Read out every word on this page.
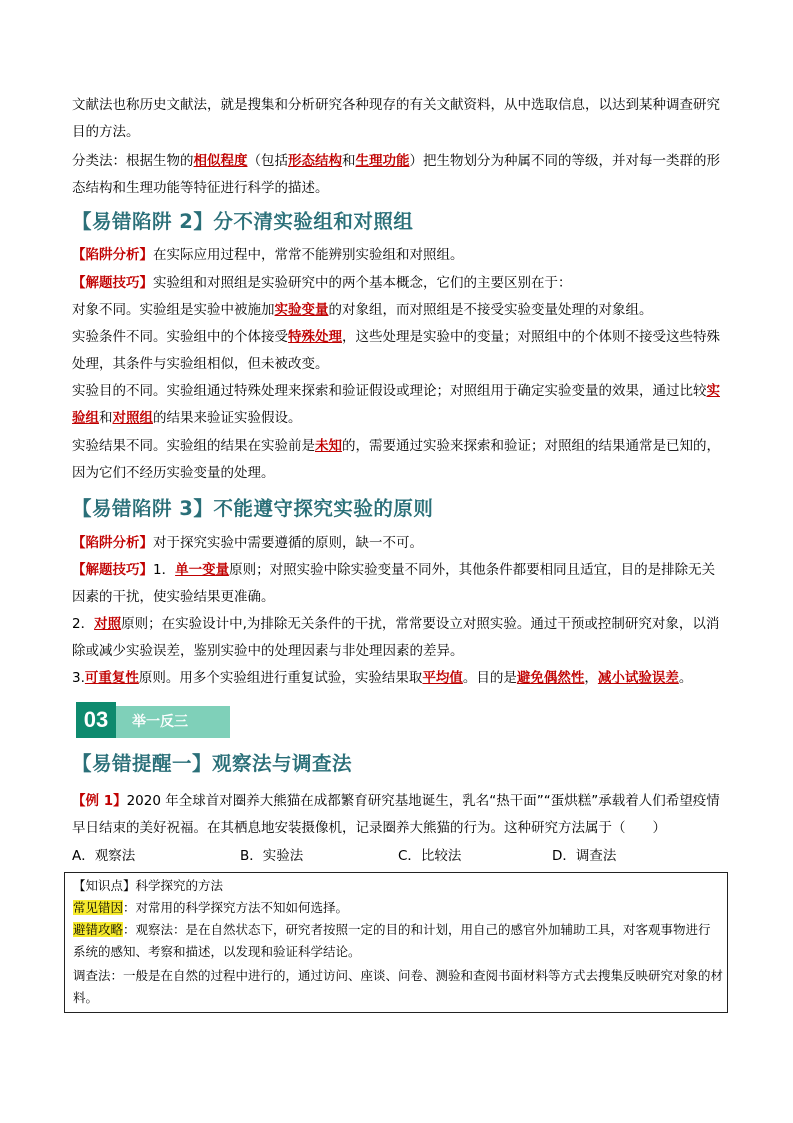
文献法也称历史文献法，就是搜集和分析研究各种现存的有关文献资料，从中选取信息，以达到某种调查研究目的方法。

分类法：根据生物的相似程度（包括形态结构和生理功能）把生物划分为种属不同的等级，并对每一类群的形态结构和生理功能等特征进行科学的描述。

【易错陷阱 2】分不清实验组和对照组

【陷阱分析】在实际应用过程中，常常不能辨别实验组和对照组。

【解题技巧】实验组和对照组是实验研究中的两个基本概念，它们的主要区别在于：

对象不同。实验组是实验中被施加实验变量的对象组，而对照组是不接受实验变量处理的对象组。

实验条件不同。实验组中的个体接受特殊处理，这些处理是实验中的变量；对照组中的个体则不接受这些特殊处理，其条件与实验组相似，但未被改变。

实验目的不同。实验组通过特殊处理来探索和验证假设或理论；对照组用于确定实验变量的效果，通过比较实验组和对照组的结果来验证实验假设。

实验结果不同。实验组的结果在实验前是未知的，需要通过实验来探索和验证；对照组的结果通常是已知的，因为它们不经历实验变量的处理。

【易错陷阱 3】不能遵守探究实验的原则

【陷阱分析】对于探究实验中需要遵循的原则，缺一不可。

【解题技巧】1．单一变量原则；对照实验中除实验变量不同外，其他条件都要相同且适宜，目的是排除无关因素的干扰，使实验结果更准确。

2．对照原则；在实验设计中,为排除无关条件的干扰，常常要设立对照实验。通过干预或控制研究对象，以消除或减少实验误差，鉴别实验中的处理因素与非处理因素的差异。

3.可重复性原则。用多个实验组进行重复试验，实验结果取平均值。目的是避免偶然性，减小试验误差。

03	举一反三
【易错提醒一】观察法与调查法

【例 1】2020 年全球首对圈养大熊猫在成都繁育研究基地诞生，乳名“热干面”“蛋烘糕”承载着人们希望疫情早日结束的美好祝福。在其栖息地安装摄像机，记录圈养大熊猫的行为。这种研究方法属于（　　）

A．观察法	B．实验法	C．比较法	D．调查法

【知识点】科学探究的方法

常见错因：对常用的科学探究方法不知如何选择。

避错攻略：观察法：是在自然状态下，研究者按照一定的目的和计划，用自己的感官外加辅助工具，对客观事物进行系统的感知、考察和描述，以发现和验证科学结论。

调查法：一般是在自然的过程中进行的，通过访问、座谈、问卷、测验和查阅书面材料等方式去搜集反映研究对象的材料。
